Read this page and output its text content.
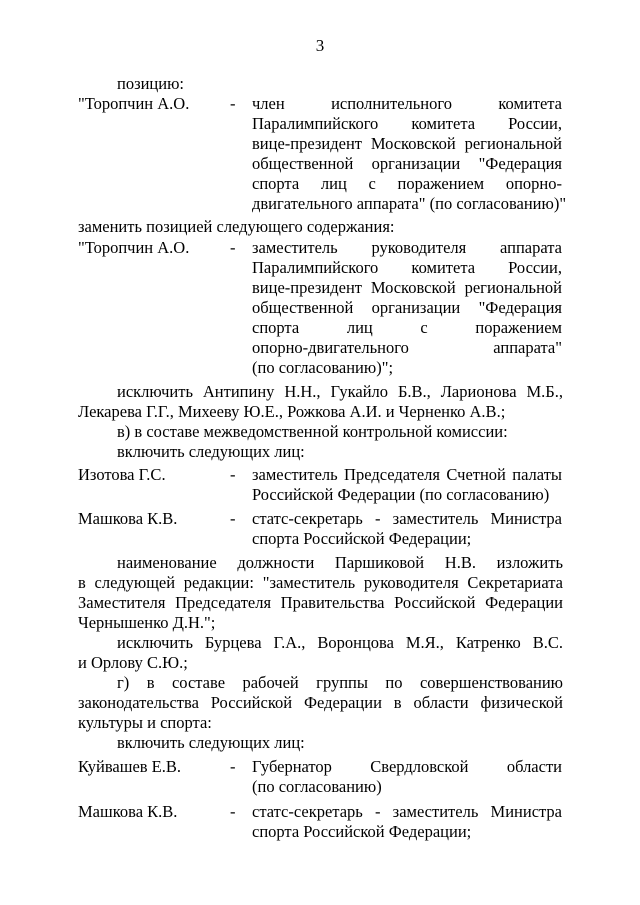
3
позицию:
"Торопчин А.О. - член исполнительного комитета
Паралимпийского комитета России,
вице-президент Московской региональной
общественной организации "Федерация
спорта лиц с поражением опорно-
двигательного аппарата" (по согласованию)"
заменить позицией следующего содержания:
"Торопчин А.О. - заместитель руководителя аппарата
Паралимпийского комитета России,
вице-президент Московской региональной
общественной организации "Федерация
спорта лиц с поражением
опорно-двигательного аппарата"
(по согласованию)";
исключить Антипину Н.Н., Гукайло Б.В., Ларионова М.Б.,
Лекарева Г.Г., Михееву Ю.Е., Рожкова А.И. и Черненко А.В.;
в) в составе межведомственной контрольной комиссии:
включить следующих лиц:
Изотова Г.С.	- заместитель Председателя Счетной палаты
Российской Федерации (по согласованию)
Машкова К.В.	- статс-секретарь - заместитель Министра
спорта Российской Федерации;
наименование должности Паршиковой Н.В. изложить
в следующей редакции: "заместитель руководителя Секретариата
Заместителя Председателя Правительства Российской Федерации
Чернышенко Д.Н.";
исключить Бурцева Г.А., Воронцова М.Я., Катренко В.С.
и Орлову С.Ю.;
г) в составе рабочей группы по совершенствованию
законодательства Российской Федерации в области физической
культуры и спорта:
включить следующих лиц:
Куйвашев Е.В.	- Губернатор Свердловской области
(по согласованию)
Машкова К.В.	- статс-секретарь - заместитель Министра
спорта Российской Федерации;
